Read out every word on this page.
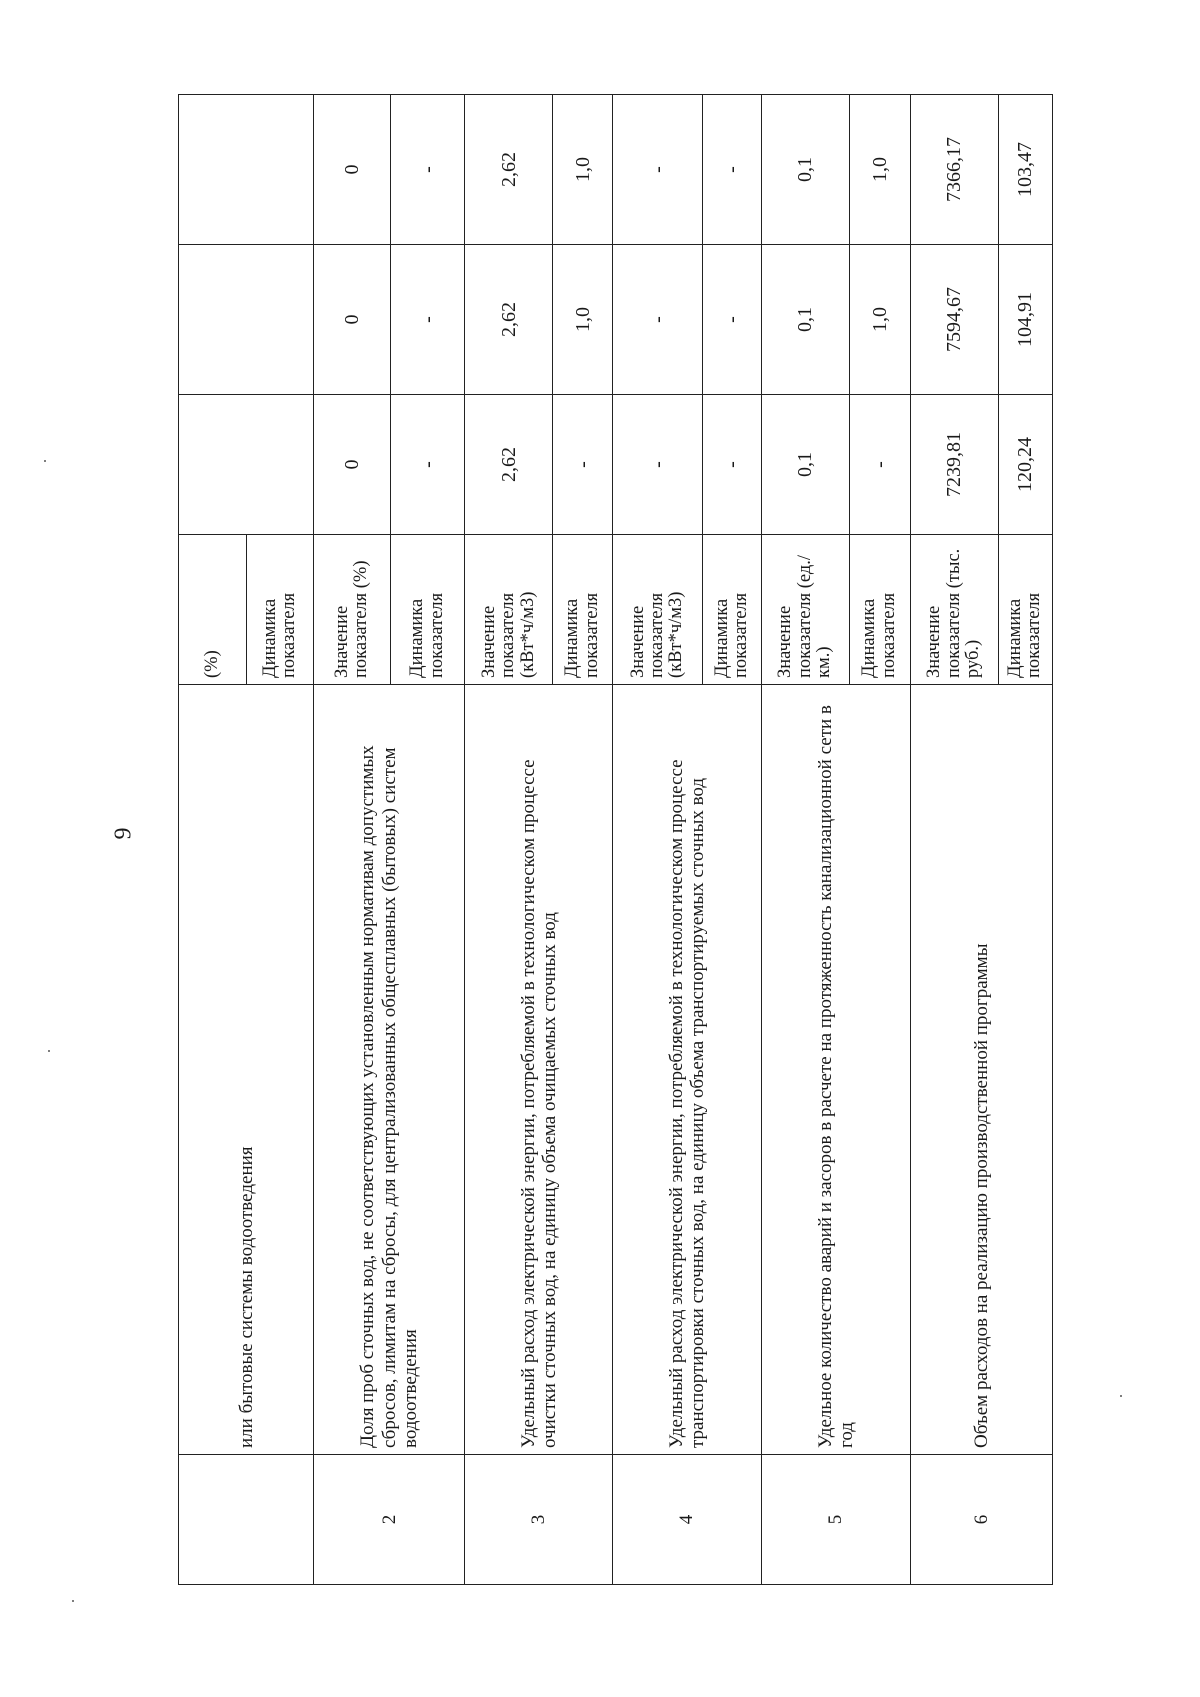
9
	или бытовые системы водоотведения	(%)			
		Динамика показателя			
2	Доля проб сточных вод, не соответствующих установленным нормативам допустимых сбросов, лимитам на сбросы, для централизованных общесплавных (бытовых) систем водоотведения	Значение показателя (%)	0	0	0
		Динамика показателя	-	-	-
3	Удельный расход электрической энергии, потребляемой в технологическом процессе очистки сточных вод, на единицу объема очищаемых сточных вод	Значение показателя (кВт*ч/м3)	2,62	2,62	2,62
		Динамика показателя	-	1,0	1,0
4	Удельный расход электрической энергии, потребляемой в технологическом процессе транспортировки сточных вод, на единицу объема транспортируемых сточных вод	Значение показателя (кВт*ч/м3)	-	-	-
		Динамика показателя	-	-	-
5	Удельное количество аварий и засоров в расчете на протяженность канализационной сети в год	Значение показателя (ед./км.)	0,1	0,1	0,1
		Динамика показателя	-	1,0	1,0
6	Объем расходов на реализацию производственной программы	Значение показателя (тыс. руб.)	7239,81	7594,67	7366,17
		Динамика показателя	120,24	104,91	103,47
